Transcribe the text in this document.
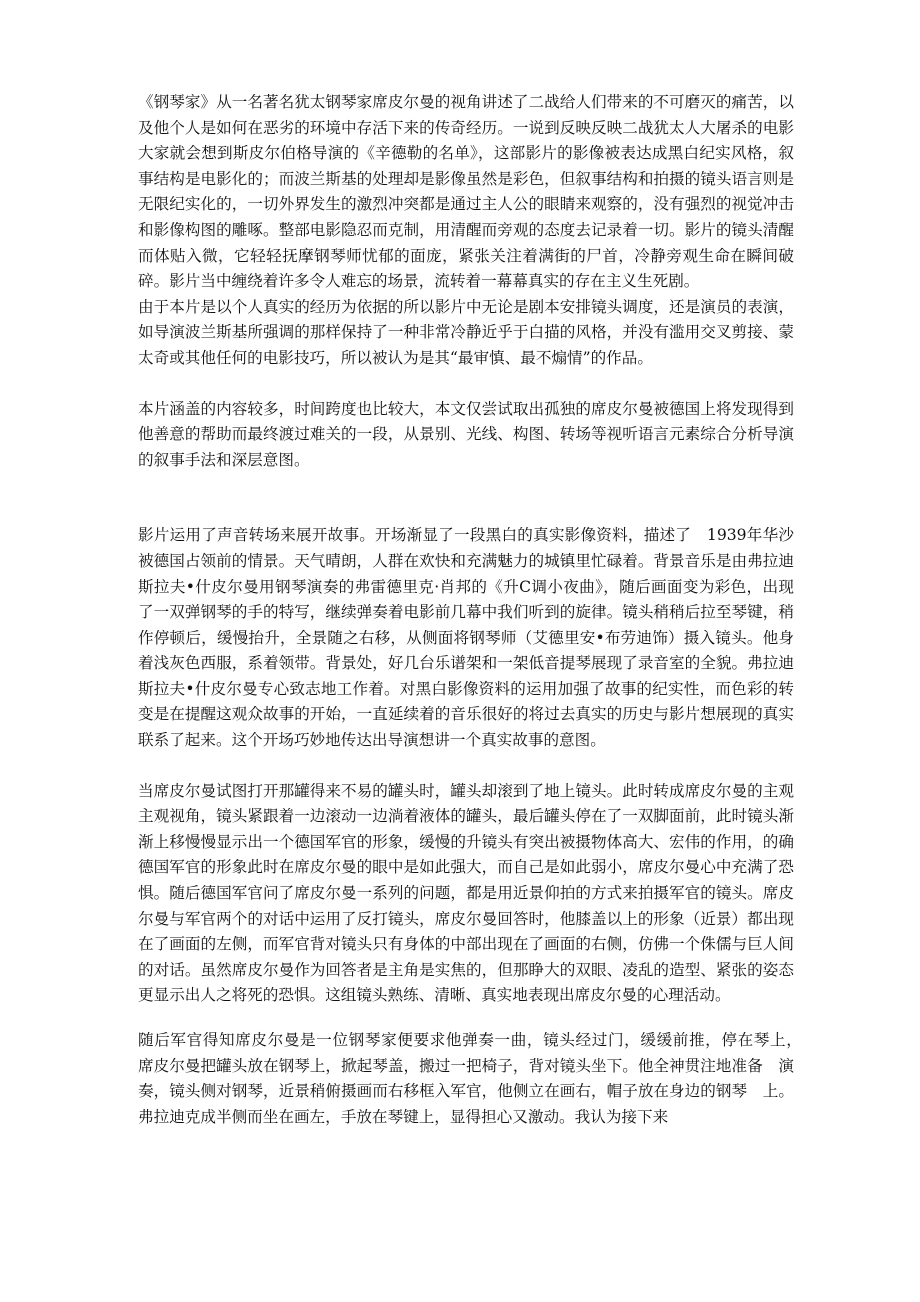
《钢琴家》从一名著名犹太钢琴家席皮尔曼的视角讲述了二战给人们带来的不可磨灭的痛苦，以及他个人是如何在恶劣的环境中存活下来的传奇经历。一说到反映反映二战犹太人大屠杀的电影大家就会想到斯皮尔伯格导演的《辛德勒的名单》，这部影片的影像被表达成黑白纪实风格，叙事结构是电影化的；而波兰斯基的处理却是影像虽然是彩色，但叙事结构和拍摄的镜头语言则是无限纪实化的，一切外界发生的激烈冲突都是通过主人公的眼睛来观察的，没有强烈的视觉冲击和影像构图的雕啄。整部电影隐忍而克制，用清醒而旁观的态度去记录着一切。影片的镜头清醒而体贴入微，它轻轻抚摩钢琴师忧郁的面庞，紧张关注着满街的尸首，冷静旁观生命在瞬间破碎。影片当中缠绕着许多令人难忘的场景，流转着一幕幕真实的存在主义生死剧。

由于本片是以个人真实的经历为依据的所以影片中无论是剧本安排镜头调度，还是演员的表演，如导演波兰斯基所强调的那样保持了一种非常冷静近乎于白描的风格，并没有滥用交叉剪接、蒙太奇或其他任何的电影技巧，所以被认为是其“最审慎、最不煽情”的作品。

本片涵盖的内容较多，时间跨度也比较大，本文仅尝试取出孤独的席皮尔曼被德国上将发现得到他善意的帮助而最终渡过难关的一段，从景别、光线、构图、转场等视听语言元素综合分析导演的叙事手法和深层意图。

影片运用了声音转场来展开故事。开场渐显了一段黑白的真实影像资料，描述了　1939年华沙被德国占领前的情景。天气晴朗，人群在欢快和充满魅力的城镇里忙碌着。背景音乐是由弗拉迪斯拉夫•什皮尔曼用钢琴演奏的弗雷德里克·肖邦的《升C调小夜曲》，随后画面变为彩色，出现了一双弹钢琴的手的特写，继续弹奏着电影前几幕中我们听到的旋律。镜头稍稍后拉至琴键，稍作停顿后，缓慢抬升，全景随之右移，从侧面将钢琴师（艾德里安•布劳迪饰）摄入镜头。他身着浅灰色西服，系着领带。背景处，好几台乐谱架和一架低音提琴展现了录音室的全貌。弗拉迪斯拉夫•什皮尔曼专心致志地工作着。对黑白影像资料的运用加强了故事的纪实性，而色彩的转变是在提醒这观众故事的开始，一直延续着的音乐很好的将过去真实的历史与影片想展现的真实联系了起来。这个开场巧妙地传达出导演想讲一个真实故事的意图。

当席皮尔曼试图打开那罐得来不易的罐头时，罐头却滚到了地上镜头。此时转成席皮尔曼的主观主观视角，镜头紧跟着一边滚动一边淌着液体的罐头，最后罐头停在了一双脚面前，此时镜头渐渐上移慢慢显示出一个德国军官的形象，缓慢的升镜头有突出被摄物体高大、宏伟的作用，的确德国军官的形象此时在席皮尔曼的眼中是如此强大，而自己是如此弱小，席皮尔曼心中充满了恐惧。随后德国军官问了席皮尔曼一系列的问题，都是用近景仰拍的方式来拍摄军官的镜头。席皮尔曼与军官两个的对话中运用了反打镜头，席皮尔曼回答时，他膝盖以上的形象（近景）都出现在了画面的左侧，而军官背对镜头只有身体的中部出现在了画面的右侧，仿佛一个侏儒与巨人间的对话。虽然席皮尔曼作为回答者是主角是实焦的，但那睁大的双眼、凌乱的造型、紧张的姿态更显示出人之将死的恐惧。这组镜头熟练、清晰、真实地表现出席皮尔曼的心理活动。

随后军官得知席皮尔曼是一位钢琴家便要求他弹奏一曲，镜头经过门，缓缓前推，停在琴上，　席皮尔曼把罐头放在钢琴上，掀起琴盖，搬过一把椅子，背对镜头坐下。他全神贯注地准备　演奏，镜头侧对钢琴，近景稍俯摄画而右移框入军官，他侧立在画右，帽子放在身边的钢琴　上。弗拉迪克成半侧而坐在画左，手放在琴键上，显得担心又激动。我认为接下来
